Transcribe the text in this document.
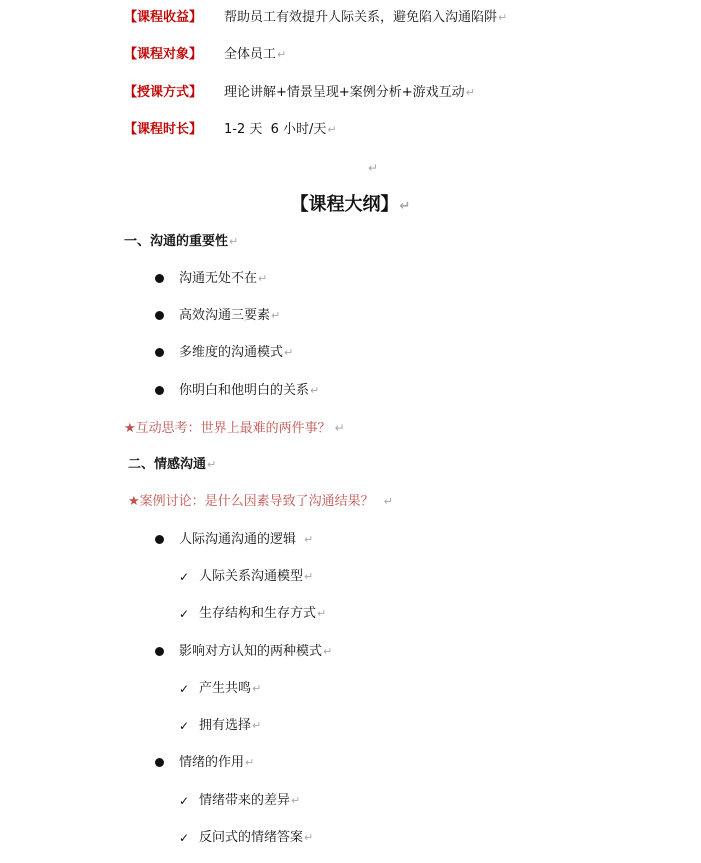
【课程收益】 帮助员工有效提升人际关系，避免陷入沟通陷阱↵
【课程对象】 全体员工↵
【授课方式】 理论讲解+情景呈现+案例分析+游戏互动↵
【课程时长】 1-2 天  6 小时/天↵
↵
【课程大纲】↵
一、沟通的重要性↵
沟通无处不在↵
高效沟通三要素↵
多维度的沟通模式↵
你明白和他明白的关系↵
★互动思考：世界上最难的两件事？ ↵
二、情感沟通↵
★案例讨论：是什么因素导致了沟通结果？ ↵
人际沟通沟通的逻辑 ↵
✓ 人际关系沟通模型↵
✓ 生存结构和生存方式↵
影响对方认知的两种模式↵
✓ 产生共鸣↵
✓ 拥有选择↵
情绪的作用↵
✓ 情绪带来的差异↵
✓ 反问式的情绪答案↵
